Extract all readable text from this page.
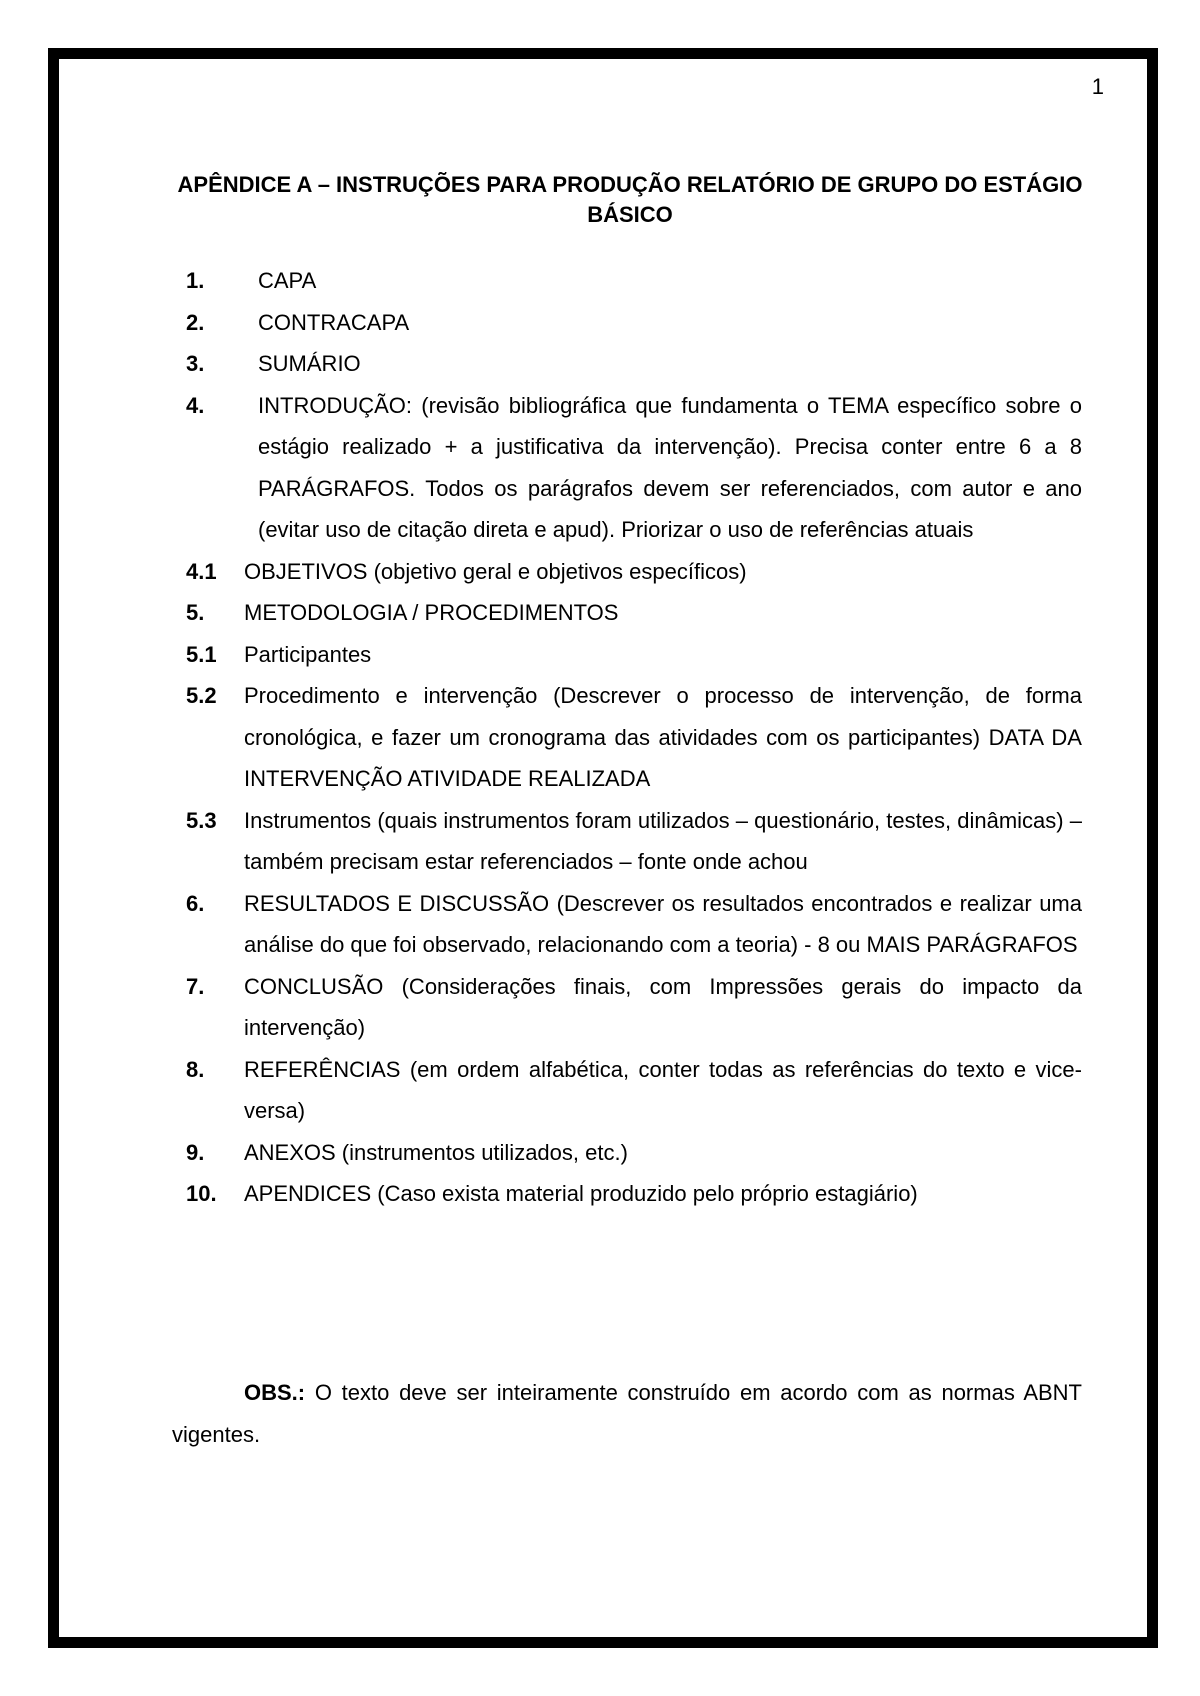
1
APÊNDICE A – INSTRUÇÕES PARA PRODUÇÃO RELATÓRIO DE GRUPO DO ESTÁGIO BÁSICO
1.	CAPA
2.	CONTRACAPA
3.	SUMÁRIO
4.	INTRODUÇÃO: (revisão bibliográfica que fundamenta o TEMA específico sobre o estágio realizado + a justificativa da intervenção). Precisa conter entre 6 a 8 PARÁGRAFOS. Todos os parágrafos devem ser referenciados, com autor e ano (evitar uso de citação direta e apud). Priorizar o uso de referências atuais
4.1	OBJETIVOS (objetivo geral e objetivos específicos)
5.	METODOLOGIA / PROCEDIMENTOS
5.1	Participantes
5.2	Procedimento e intervenção (Descrever o processo de intervenção, de forma cronológica, e fazer um cronograma das atividades com os participantes) DATA DA INTERVENÇÃO ATIVIDADE REALIZADA
5.3	Instrumentos (quais instrumentos foram utilizados – questionário, testes, dinâmicas) – também precisam estar referenciados – fonte onde achou
6.	RESULTADOS E DISCUSSÃO (Descrever os resultados encontrados e realizar uma análise do que foi observado, relacionando com a teoria) - 8 ou MAIS PARÁGRAFOS
7.	CONCLUSÃO (Considerações finais, com Impressões gerais do impacto da intervenção)
8.	REFERÊNCIAS (em ordem alfabética, conter todas as referências do texto e vice-versa)
9.	ANEXOS (instrumentos utilizados, etc.)
10.	APENDICES (Caso exista material produzido pelo próprio estagiário)

OBS.: O texto deve ser inteiramente construído em acordo com as normas ABNT vigentes.
